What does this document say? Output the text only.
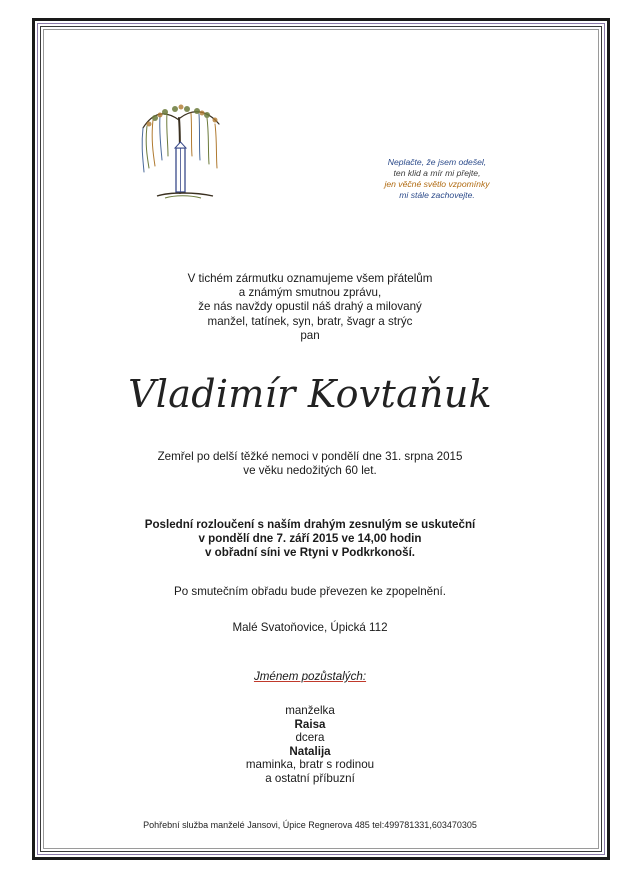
Neplačte, že jsem odešel,
ten klid a mír mi přejte,
jen věčné světlo vzpomínky
mi stále zachovejte.
V tichém zármutku oznamujeme všem přátelům
a známým smutnou zprávu,
že nás navždy opustil náš drahý a milovaný
manžel, tatínek, syn, bratr, švagr a strýc
pan
Vladimír Kovtaňuk
Zemřel po delší těžké nemoci v pondělí dne 31. srpna 2015
ve věku nedožitých 60 let.
Poslední rozloučení s naším drahým zesnulým se uskuteční
v pondělí dne 7. září 2015 ve 14,00 hodin
v obřadní síni ve Rtyni v Podkrkonoší.
Po smutečním obřadu bude převezen ke zpopelnění.
Malé Svatoňovice, Úpická 112
Jménem pozůstalých:
manželka
Raisa
dcera
Natalija
maminka, bratr s rodinou
a ostatní příbuzní
Pohřební služba manželé Jansovi, Úpice Regnerova 485 tel:499781331,603470305
